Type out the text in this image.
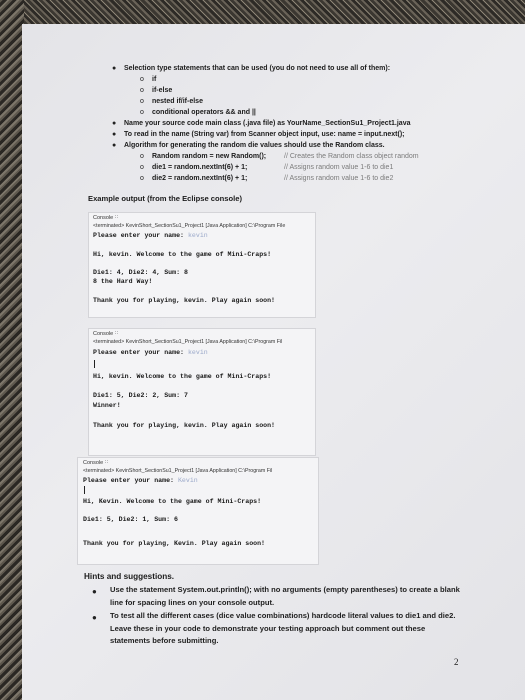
● Selection type statements that can be used (you do not need to use all of them):
o if
o if-else
o nested if/if-else
o conditional operators && and ||
● Name your source code main class (.java file) as YourName_SectionSu1_Project1.java
● To read in the name (String var) from Scanner object input, use: name = input.next();
● Algorithm for generating the random die values should use the Random class.
o Random random = new Random();	// Creates the Random class object random
o die1 = random.nextInt(6) + 1;	// Assigns random value 1-6 to die1
o die2 = random.nextInt(6) + 1;	// Assigns random value 1-6 to die2
Example output (from the Eclipse console)
Console ∷
<terminated> KevinShort_SectionSu1_Project1 [Java Application] C:\Program File
Please enter your name: kevin
Hi, kevin. Welcome to the game of Mini-Craps!
Die1: 4, Die2: 4, Sum: 8
8 the Hard Way!
Thank you for playing, kevin. Play again soon!
Console ∷
<terminated> KevinShort_SectionSu1_Project1 [Java Application] C:\Program Fil
Please enter your name: kevin
Hi, kevin. Welcome to the game of Mini-Craps!
Die1: 5, Die2: 2, Sum: 7
Winner!
Thank you for playing, kevin. Play again soon!
Console ∷
<terminated> KevinShort_SectionSu1_Project1 [Java Application] C:\Program Fil
Please enter your name: Kevin
Hi, Kevin. Welcome to the game of Mini-Craps!
Die1: 5, Die2: 1, Sum: 6
Thank you for playing, Kevin. Play again soon!
Hints and suggestions.
● Use the statement System.out.println(); with no arguments (empty parentheses) to create a blank line for spacing lines on your console output.
● To test all the different cases (dice value combinations) hardcode literal values to die1 and die2. Leave these in your code to demonstrate your testing approach but comment out these statements before submitting.
2
